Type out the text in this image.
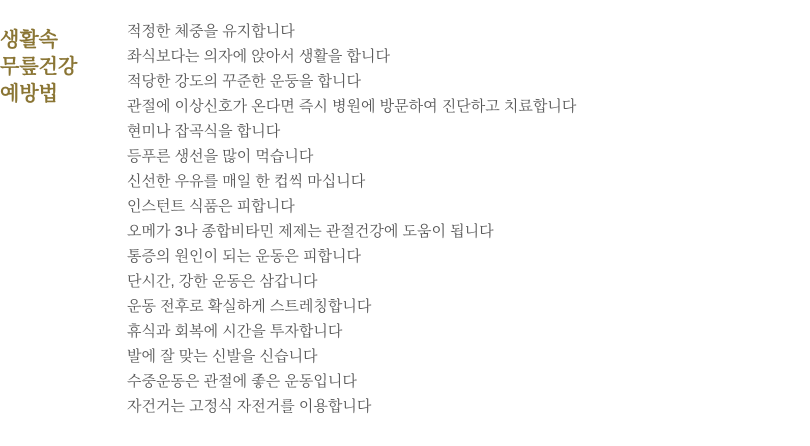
생활속
무릎건강
예방법
적정한 체중을 유지합니다
좌식보다는 의자에 앉아서 생활을 합니다
적당한 강도의 꾸준한 운둥을 합니다
관절에 이상신호가 온다면 즉시 병원에 방문하여 진단하고 치료합니다
현미나 잡곡식을 합니다
등푸른 생선을 많이 먹습니다
신선한 우유를 매일 한 컵씩 마십니다
인스턴트 식품은 피합니다
오메가 3나 종합비타민 제제는 관절건강에 도움이 됩니다
통증의 원인이 되는 운동은 피합니다
단시간, 강한 운동은 삼갑니다
운동 전후로 확실하게 스트레칭합니다
휴식과 회복에 시간을 투자합니다
발에 잘 맞는 신발을 신습니다
수중운동은 관절에 좋은 운동입니다
자건거는 고정식 자전거를 이용합니다
